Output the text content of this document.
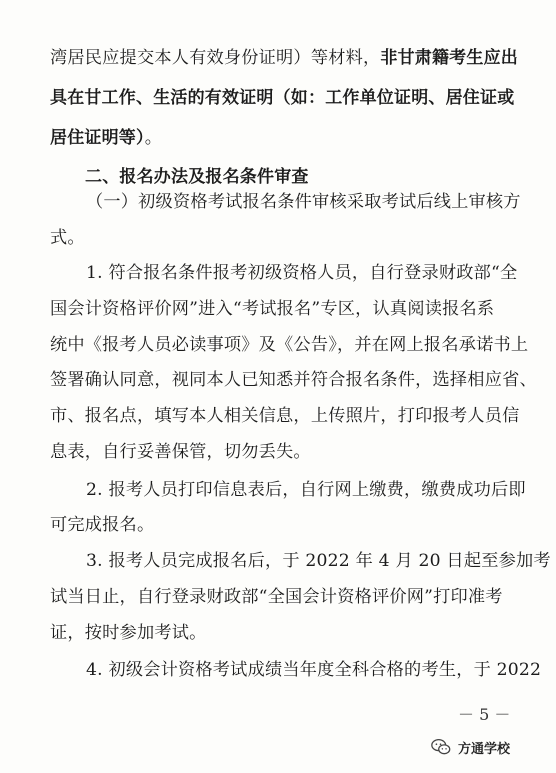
湾居民应提交本人有效身份证明）等材料，非甘肃籍考生应出
具在甘工作、生活的有效证明（如：工作单位证明、居住证或
居住证明等）。
二、报名办法及报名条件审查
（一）初级资格考试报名条件审核采取考试后线上审核方
式。
1. 符合报名条件报考初级资格人员，自行登录财政部“全
国会计资格评价网”进入“考试报名”专区，认真阅读报名系
统中《报考人员必读事项》及《公告》，并在网上报名承诺书上
签署确认同意，视同本人已知悉并符合报名条件，选择相应省、
市、报名点，填写本人相关信息，上传照片，打印报考人员信
息表，自行妥善保管，切勿丢失。
2. 报考人员打印信息表后，自行网上缴费，缴费成功后即
可完成报名。
3. 报考人员完成报名后，于 2022 年 4 月 20 日起至参加考
试当日止，自行登录财政部“全国会计资格评价网”打印准考
证，按时参加考试。
4. 初级会计资格考试成绩当年度全科合格的考生，于 2022
－ 5 －
方通学校
